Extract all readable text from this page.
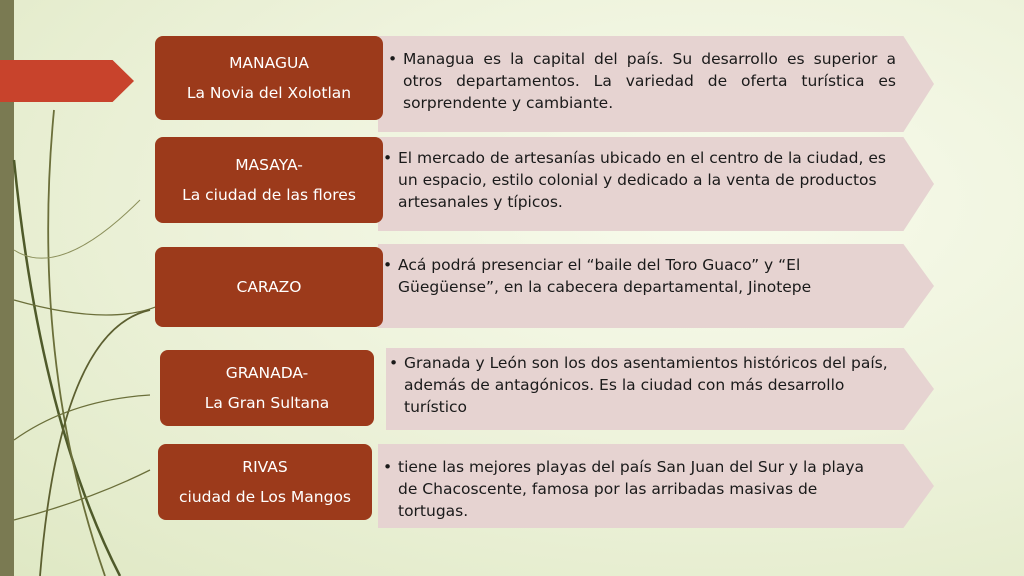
MANAGUA
La Novia del Xolotlan
• Managua es la capital del país. Su desarrollo es superior a otros departamentos. La variedad de oferta turística es sorprendente y cambiante.
MASAYA-
La ciudad de las flores
• El mercado de artesanías ubicado en el centro de la ciudad, es un espacio, estilo colonial y dedicado a la venta de productos artesanales y típicos.
CARAZO
• Acá podrá presenciar el “baile del Toro Guaco” y “El Güegüense”, en la cabecera departamental, Jinotepe
GRANADA-
La Gran Sultana
• Granada y León son los dos asentamientos históricos del país, además de antagónicos. Es la ciudad con más desarrollo turístico
RIVAS
ciudad de Los Mangos
• tiene las mejores playas del país San Juan del Sur y la playa de Chacoscente, famosa por las arribadas masivas de tortugas.
